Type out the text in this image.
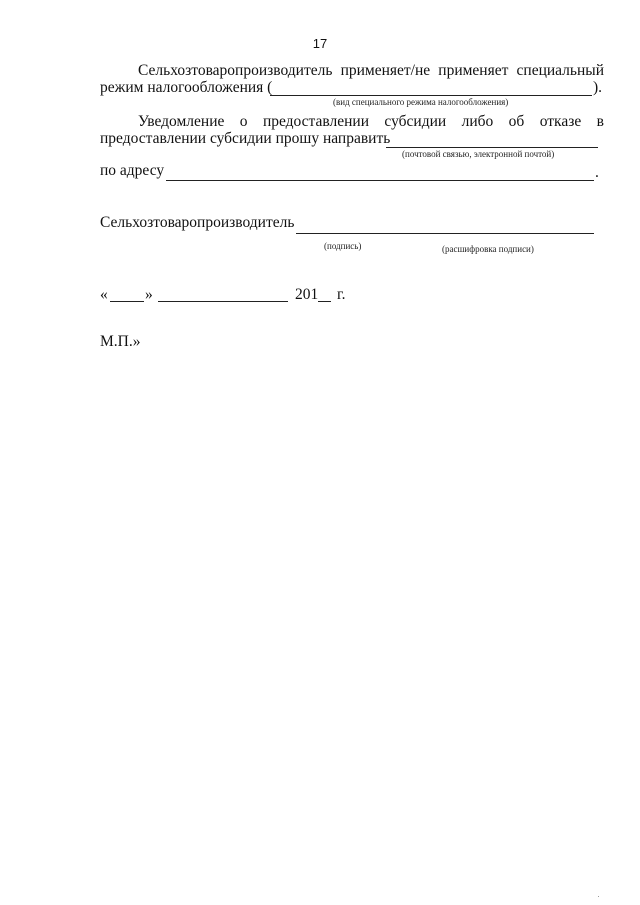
17
Сельхозтоваропроизводитель применяет/не применяет специальный
режим налогообложения (	).
(вид специального режима налогообложения)
Уведомление о предоставлении субсидии либо об отказе в
предоставлении субсидии прошу направить
(почтовой связью, электронной почтой)
по адресу	.
Сельхозтоваропроизводитель
(подпись)	(расшифровка подписи)
« »	201 г.
М.П.»
